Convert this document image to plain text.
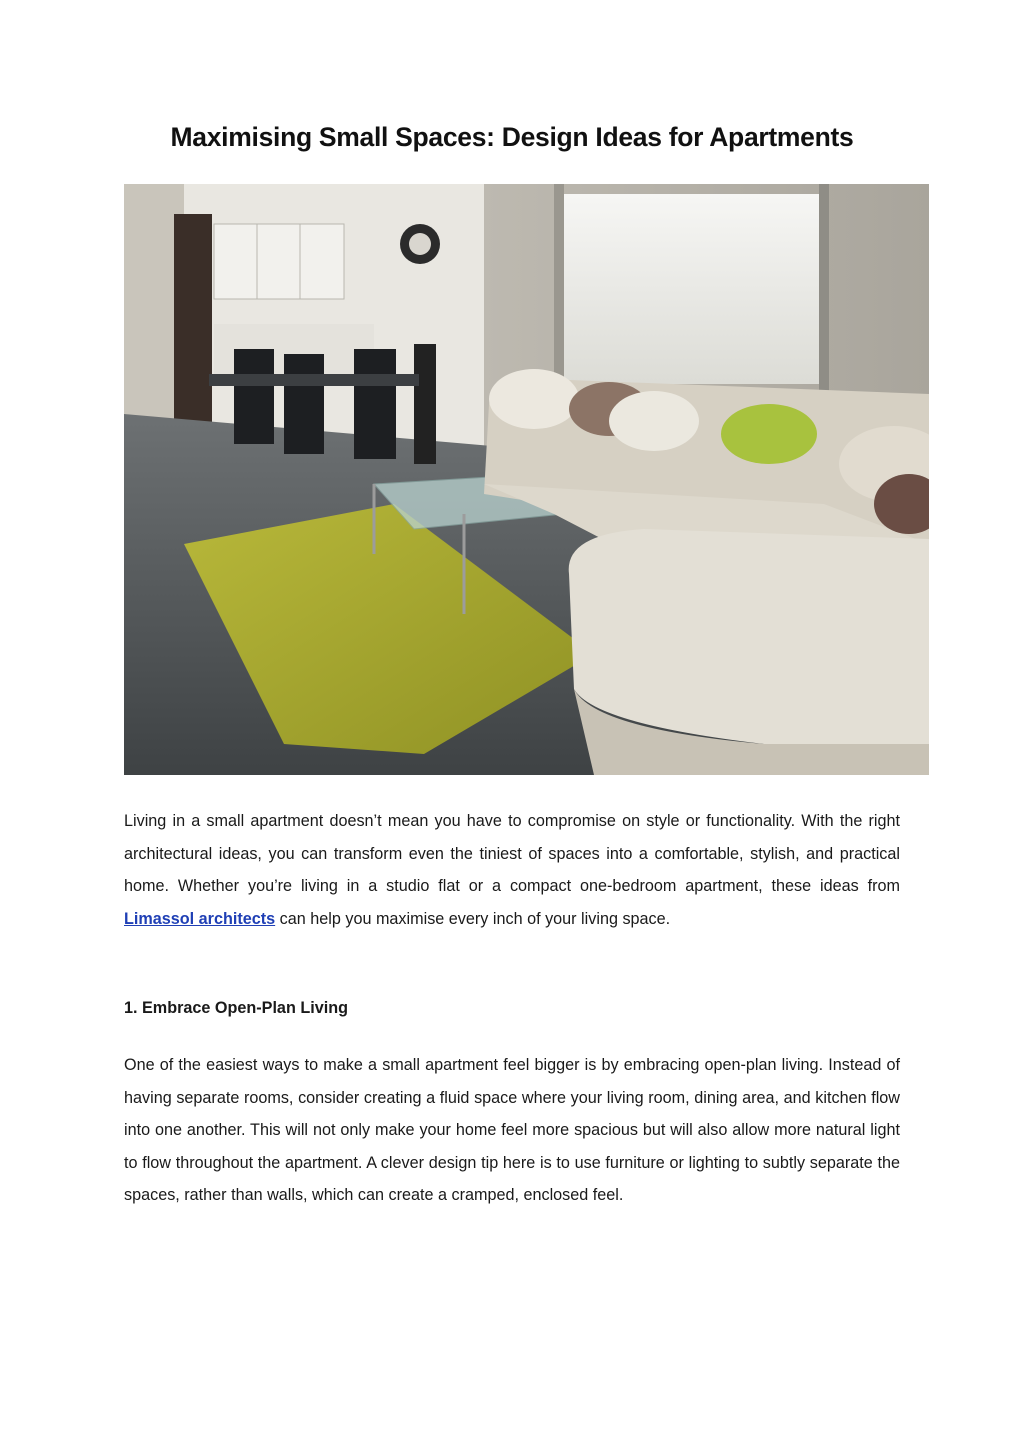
Maximising Small Spaces: Design Ideas for Apartments

Living in a small apartment doesn’t mean you have to compromise on style or functionality. With the right architectural ideas, you can transform even the tiniest of spaces into a comfortable, stylish, and practical home. Whether you’re living in a studio flat or a compact one-bedroom apartment, these ideas from Limassol architects can help you maximise every inch of your living space.

1. Embrace Open-Plan Living

One of the easiest ways to make a small apartment feel bigger is by embracing open-plan living. Instead of having separate rooms, consider creating a fluid space where your living room, dining area, and kitchen flow into one another. This will not only make your home feel more spacious but will also allow more natural light to flow throughout the apartment. A clever design tip here is to use furniture or lighting to subtly separate the spaces, rather than walls, which can create a cramped, enclosed feel.
